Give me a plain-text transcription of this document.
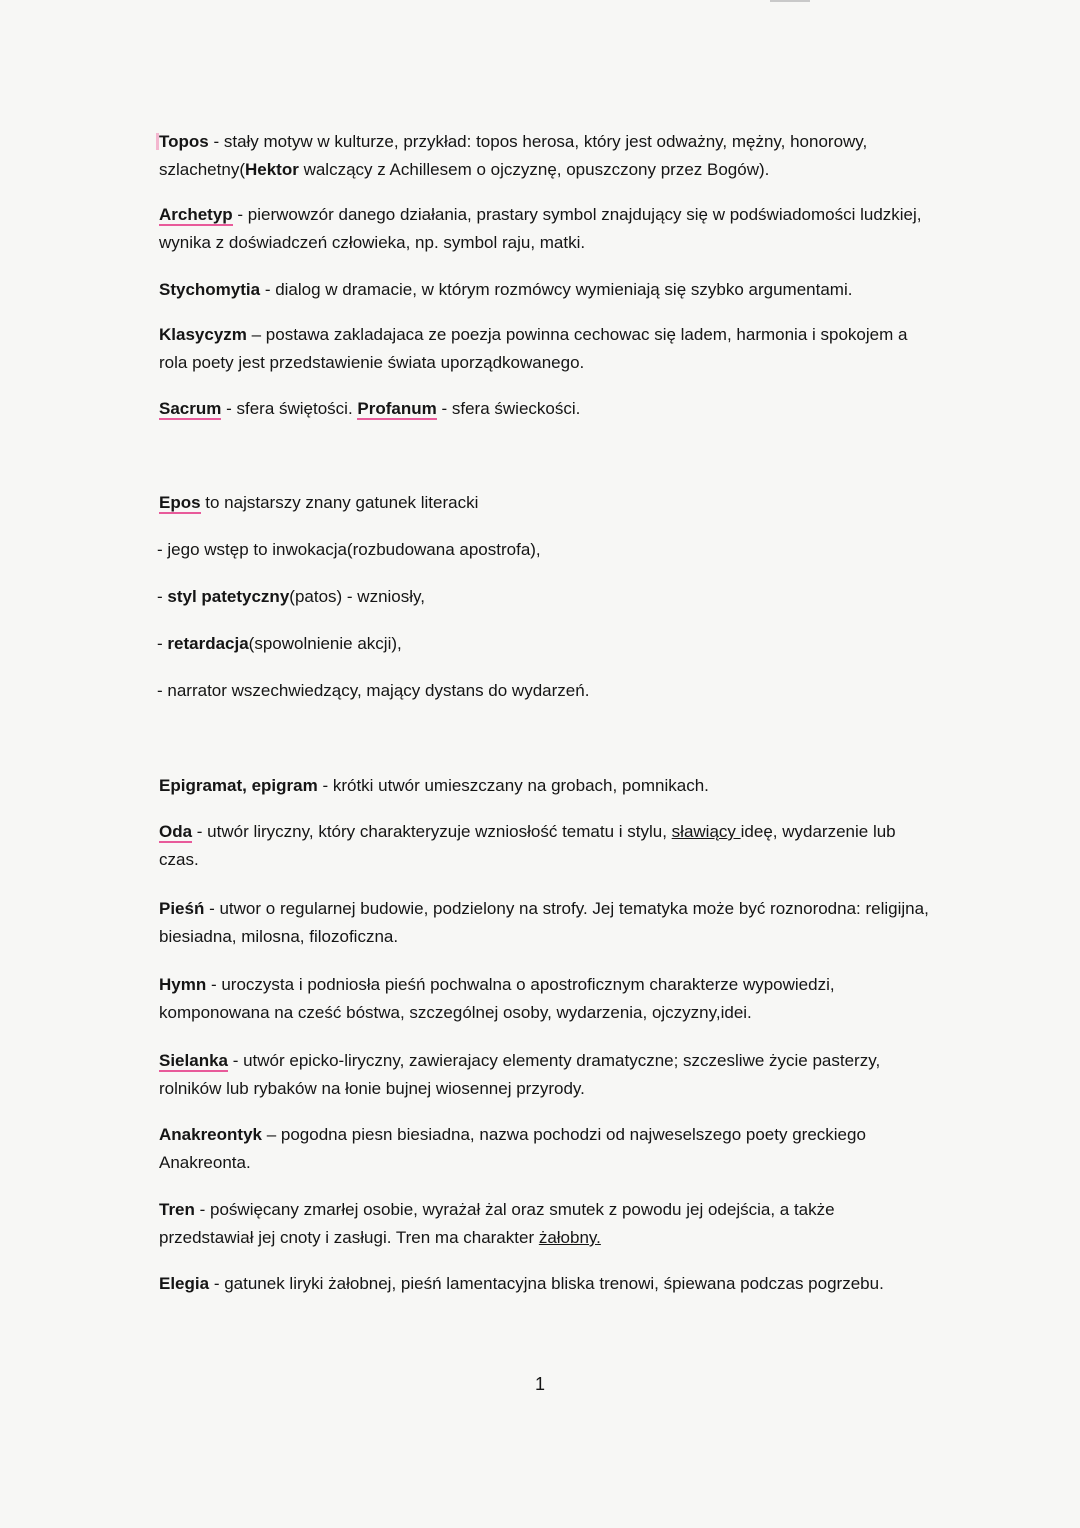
Topos - stały motyw w kulturze, przykład: topos herosa, który jest odważny, mężny, honorowy, szlachetny(Hektor walczący z Achillesem o ojczyznę, opuszczony przez Bogów).

Archetyp - pierwowzór danego działania, prastary symbol znajdujący się w podświadomości ludzkiej, wynika z doświadczeń człowieka, np. symbol raju, matki.

Stychomytia - dialog w dramacie, w którym rozmówcy wymieniają się szybko argumentami.

Klasycyzm – postawa zakladajaca ze poezja powinna cechowac się ladem, harmonia i spokojem a rola poety jest przedstawienie świata uporządkowanego.

Sacrum - sfera świętości. Profanum - sfera świeckości.

Epos to najstarszy znany gatunek literacki

- jego wstęp to inwokacja(rozbudowana apostrofa),

- styl patetyczny(patos) - wzniosły,

- retardacja(spowolnienie akcji),

- narrator wszechwiedzący, mający dystans do wydarzeń.

Epigramat, epigram - krótki utwór umieszczany na grobach, pomnikach.

Oda - utwór liryczny, który charakteryzuje wzniosłość tematu i stylu, sławiący ideę, wydarzenie lub czas.

Pieśń - utwor o regularnej budowie, podzielony na strofy. Jej tematyka może być roznorodna: religijna, biesiadna, milosna, filozoficzna.

Hymn - uroczysta i podniosła pieśń pochwalna o apostroficznym charakterze wypowiedzi, komponowana na cześć bóstwa, szczególnej osoby, wydarzenia, ojczyzny,idei.

Sielanka - utwór epicko-liryczny, zawierajacy elementy dramatyczne; szczesliwe życie pasterzy, rolników lub rybaków na łonie bujnej wiosennej przyrody.

Anakreontyk – pogodna piesn biesiadna, nazwa pochodzi od najweselszego poety greckiego Anakreonta.

Tren - poświęcany zmarłej osobie, wyrażał żal oraz smutek z powodu jej odejścia, a także przedstawiał jej cnoty i zasługi. Tren ma charakter żałobny.

Elegia - gatunek liryki żałobnej, pieśń lamentacyjna bliska trenowi, śpiewana podczas pogrzebu.

1
